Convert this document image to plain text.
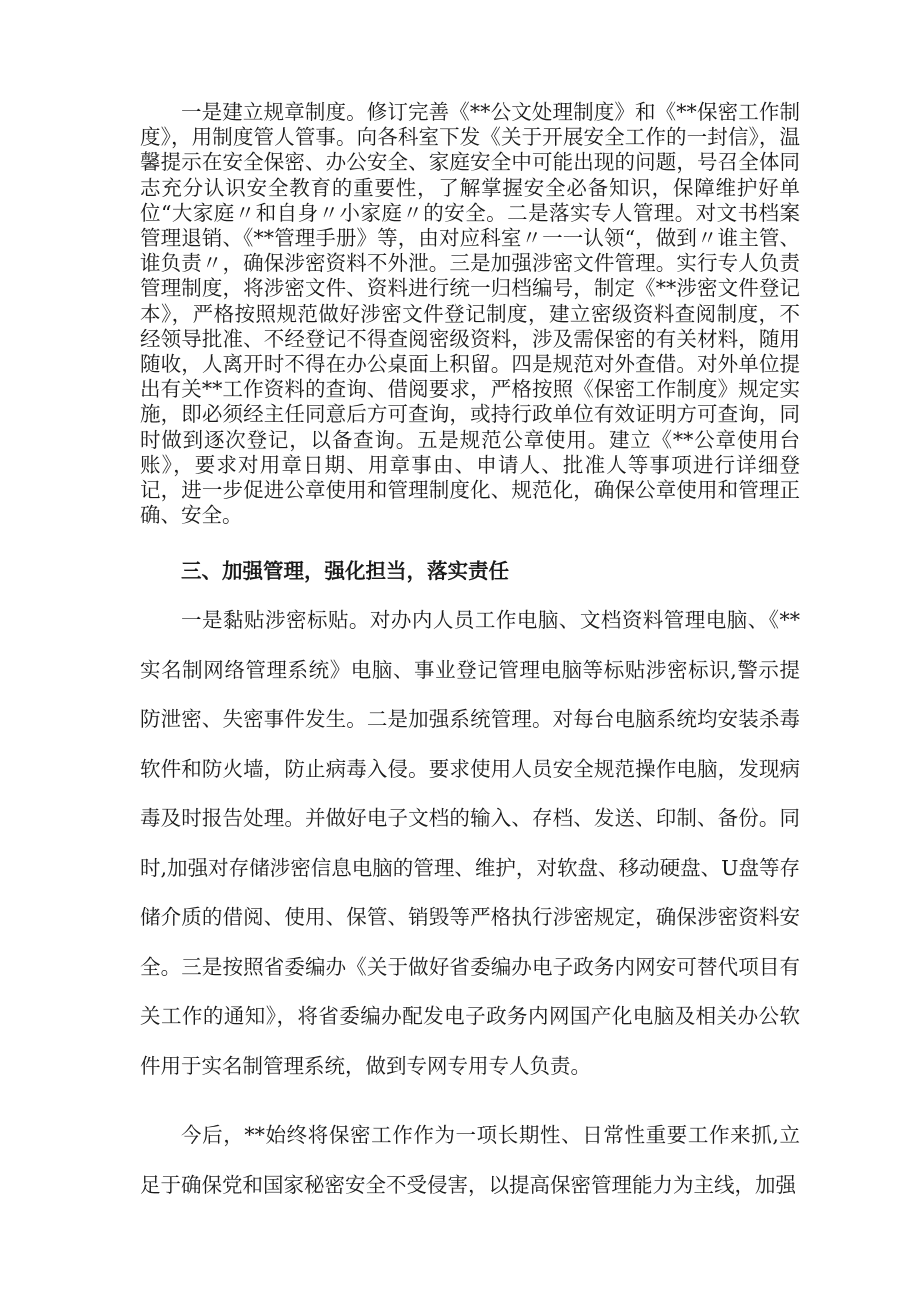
一是建立规章制度。修订完善《**公文处理制度》和《**保密工作制度》，用制度管人管事。向各科室下发《关于开展安全工作的一封信》，温馨提示在安全保密、办公安全、家庭安全中可能出现的问题，号召全体同志充分认识安全教育的重要性，了解掌握安全必备知识，保障维护好单位“大家庭〃和自身〃小家庭〃的安全。二是落实专人管理。对文书档案管理退销、《**管理手册》等，由对应科室〃一一认领“，做到〃谁主管、谁负责〃，确保涉密资料不外泄。三是加强涉密文件管理。实行专人负责管理制度，将涉密文件、资料进行统一归档编号，制定《**涉密文件登记本》，严格按照规范做好涉密文件登记制度，建立密级资料查阅制度，不经领导批准、不经登记不得查阅密级资料，涉及需保密的有关材料，随用随收，人离开时不得在办公桌面上积留。四是规范对外查借。对外单位提出有关**工作资料的查询、借阅要求，严格按照《保密工作制度》规定实施，即必须经主任同意后方可查询，或持行政单位有效证明方可查询，同时做到逐次登记，以备查询。五是规范公章使用。建立《**公章使用台账》，要求对用章日期、用章事由、申请人、批准人等事项进行详细登记，进一步促进公章使用和管理制度化、规范化，确保公章使用和管理正确、安全。

三、加强管理，强化担当，落实责任

一是黏贴涉密标贴。对办内人员工作电脑、文档资料管理电脑、《**实名制网络管理系统》电脑、事业登记管理电脑等标贴涉密标识,警示提防泄密、失密事件发生。二是加强系统管理。对每台电脑系统均安装杀毒软件和防火墙，防止病毒入侵。要求使用人员安全规范操作电脑，发现病毒及时报告处理。并做好电子文档的输入、存档、发送、印制、备份。同时,加强对存储涉密信息电脑的管理、维护，对软盘、移动硬盘、U盘等存储介质的借阅、使用、保管、销毁等严格执行涉密规定，确保涉密资料安全。三是按照省委编办《关于做好省委编办电子政务内网安可替代项目有关工作的通知》，将省委编办配发电子政务内网国产化电脑及相关办公软件用于实名制管理系统，做到专网专用专人负责。

今后，**始终将保密工作作为一项长期性、日常性重要工作来抓,立足于确保党和国家秘密安全不受侵害，以提高保密管理能力为主线，加强
